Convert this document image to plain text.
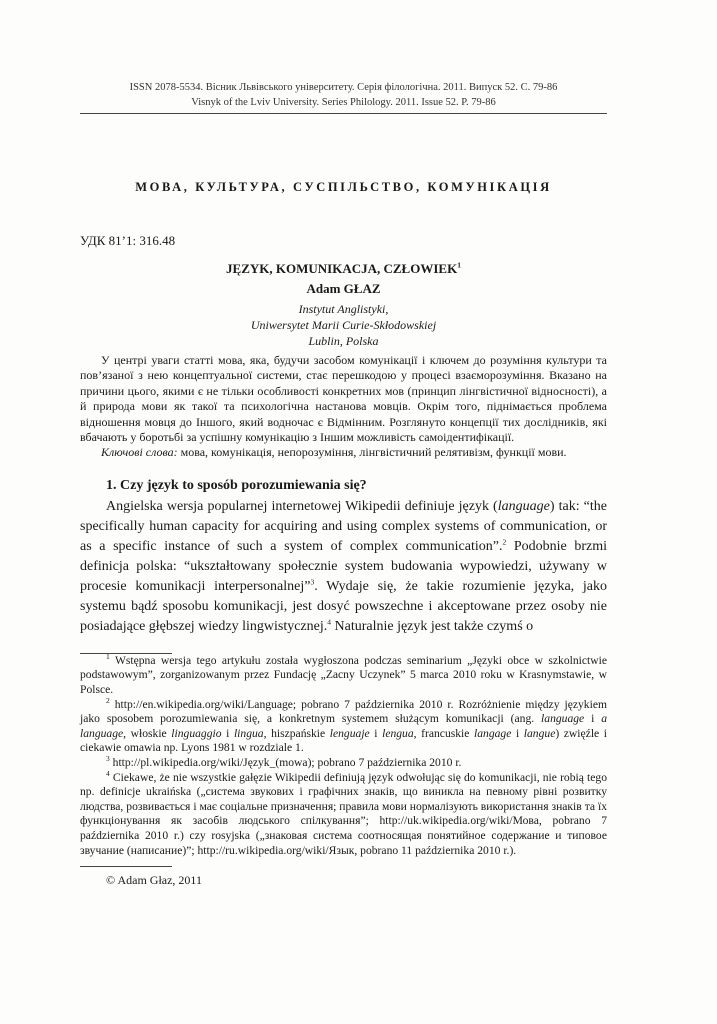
ISSN 2078-5534. Вісник Львівського університету. Серія філологічна. 2011. Випуск 52. С. 79-86
Visnyk of the Lviv University. Series Philology. 2011. Issue 52. P. 79-86
МОВА, КУЛЬТУРА, СУСПІЛЬСТВО, КОМУНІКАЦІЯ
УДК 81’1: 316.48
JĘZYK, KOMUNIKACJA, CZŁOWIEK$^1$
Adam GŁAZ
Instytut Anglistyki,
Uniwersytet Marii Curie-Skłodowskiej
Lublin, Polska
У центрі уваги статті мова, яка, будучи засобом комунікації і ключем до розуміння культури та пов’язаної з нею концептуальної системи, стає перешкодою у процесі взаєморозуміння. Вказано на причини цього, якими є не тільки особливості конкретних мов (принцип лінгвістичної відносності), а й природа мови як такої та психологічна настанова мовців. Окрім того, піднімається проблема відношення мовця до Іншого, який водночас є Відмінним. Розглянуто концепції тих дослідників, які вбачають у боротьбі за успішну комунікацію з Іншим можливість самоідентифікації.
Ключові слова: мова, комунікація, непорозуміння, лінгвістичний релятивізм, функції мови.
1. Czy język to sposób porozumiewania się?
Angielska wersja popularnej internetowej Wikipedii definiuje język (language) tak: “the specifically human capacity for acquiring and using complex systems of communication, or as a specific instance of such a system of complex communication”.$^2$ Podobnie brzmi definicja polska: “ukształtowany społecznie system budowania wypowiedzi, używany w procesie komunikacji interpersonalnej”$^3$. Wydaje się, że takie rozumienie języka, jako systemu bądź sposobu komunikacji, jest dosyć powszechne i akceptowane przez osoby nie posiadające głębszej wiedzy lingwistycznej.$^4$ Naturalnie język jest także czymś o
$^1$ Wstępna wersja tego artykułu została wygłoszona podczas seminarium „Języki obce w szkolnictwie podstawowym”, zorganizowanym przez Fundację „Zacny Uczynek” 5 marca 2010 roku w Krasnymstawie, w Polsce.
$^2$ http://en.wikipedia.org/wiki/Language; pobrano 7 października 2010 r. Rozróżnienie między językiem jako sposobem porozumiewania się, a konkretnym systemem służącym komunikacji (ang. language i a language, włoskie linguaggio i lingua, hiszpańskie lenguaje i lengua, francuskie langage i langue) zwięźle i ciekawie omawia np. Lyons 1981 w rozdziale 1.
$^3$ http://pl.wikipedia.org/wiki/Język_(mowa); pobrano 7 października 2010 r.
$^4$ Ciekawe, że nie wszystkie gałęzie Wikipedii definiują język odwołując się do komunikacji, nie robią tego np. definicje ukraińska („система звукових і графічних знаків, що виникла на певному рівні розвитку людства, розвивається і має соціальне призначення; правила мови нормалізують використання знаків та їх функціонування як засобів людського спілкування”; http://uk.wikipedia.org/wiki/Мова, pobrano 7 października 2010 r.) czy rosyjska („знаковая система соотносящая понятийное содержание и типовое звучание (написание)”; http://ru.wikipedia.org/wiki/Язык, pobrano 11 października 2010 r.).
© Adam Głaz, 2011
